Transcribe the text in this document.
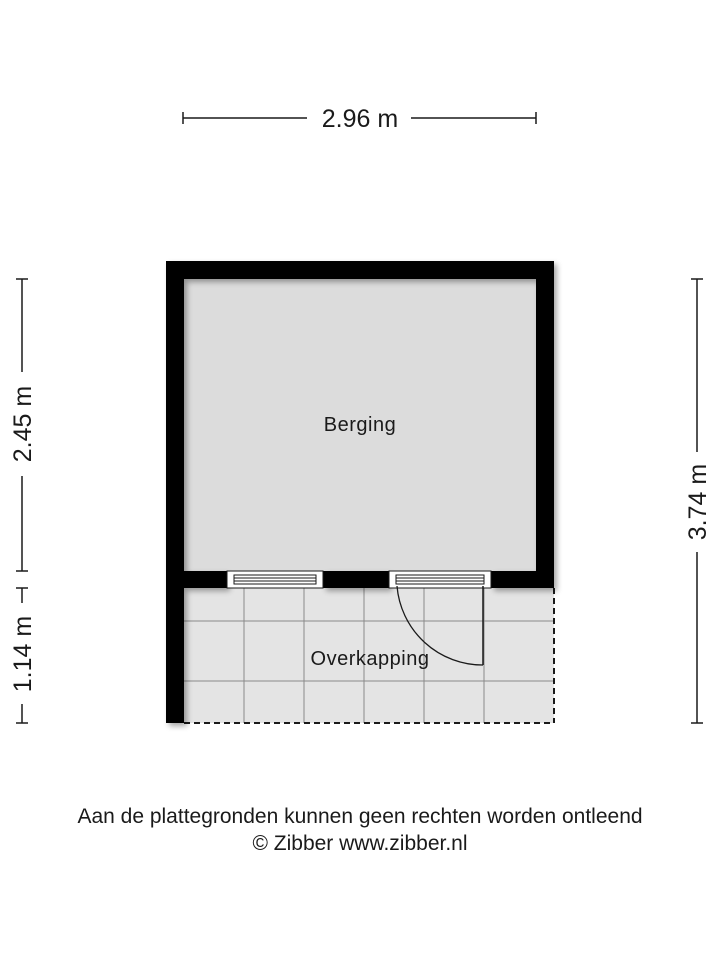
2.96 m
2.45 m
1.14 m
3.74 m
Berging
Overkapping
Aan de plattegronden kunnen geen rechten worden ontleend
© Zibber www.zibber.nl
